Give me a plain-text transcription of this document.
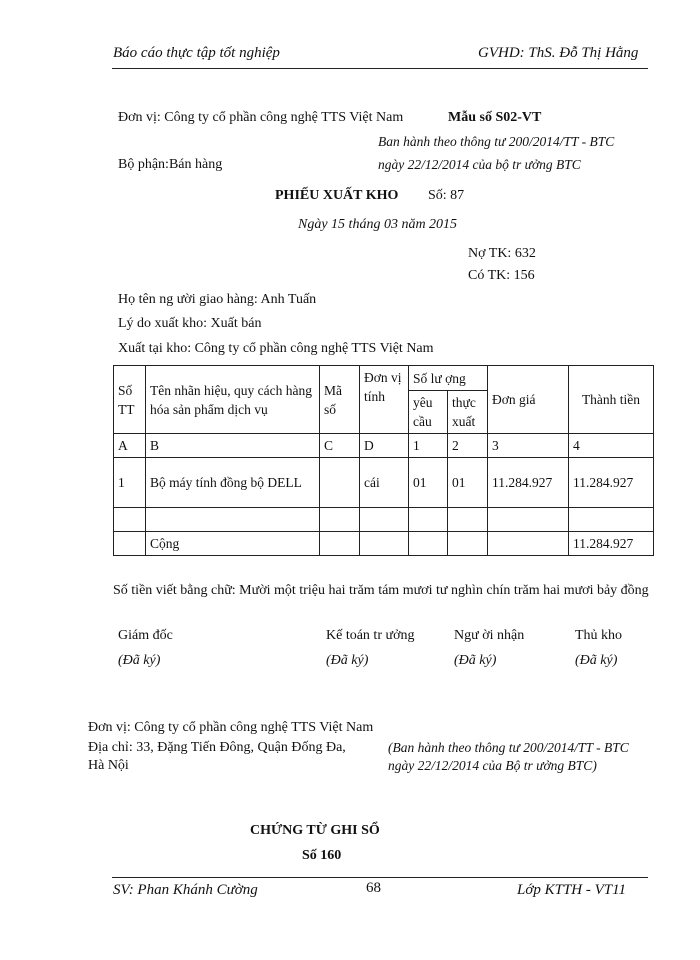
Báo cáo thực tập tốt nghiệp	GVHD: ThS. Đỗ Thị Hằng
Đơn vị: Công ty cổ phần công nghệ TTS Việt Nam	Mẫu số S02-VT
Ban hành theo thông tư 200/2014/TT - BTC
Bộ phận:Bán hàng	ngày 22/12/2014 của bộ tr ưởng BTC
PHIẾU XUẤT KHO Số: 87
Ngày 15 tháng 03 năm 2015
Nợ TK: 632
Có TK: 156
Họ tên ng ười giao hàng: Anh Tuấn
Lý do xuất kho: Xuất bán
Xuất tại kho: Công ty cổ phần công nghệ TTS Việt Nam
Số TT	Tên nhãn hiệu, quy cách hàng hóa sản phẩm dịch vụ	Mã số	Đơn vị tính	Số lư ợng		Đơn giá	Thành tiền
				yêu cầu	thực xuất		
A	B	C	D	1	2	3	4
1	Bộ máy tính đồng bộ DELL		cái	01	01	11.284.927	11.284.927

	Cộng						11.284.927
Số tiền viết bằng chữ: Mười một triệu hai trăm tám mươi tư nghìn chín trăm hai mươi bảy đồng
Giám đốc	Kế toán tr ưởng	Ngư ời nhận	Thủ kho
(Đã ký)	(Đã ký)	(Đã ký)	(Đã ký)
Đơn vị: Công ty cổ phần công nghệ TTS Việt Nam
Địa chỉ: 33, Đặng Tiến Đông, Quận Đống Đa,
Hà Nội
(Ban hành theo thông tư 200/2014/TT - BTC
ngày 22/12/2014 của Bộ tr ưởng BTC)
CHỨNG TỪ GHI SỔ
Số 160
SV: Phan Khánh Cường	68	Lớp KTTH - VT11
